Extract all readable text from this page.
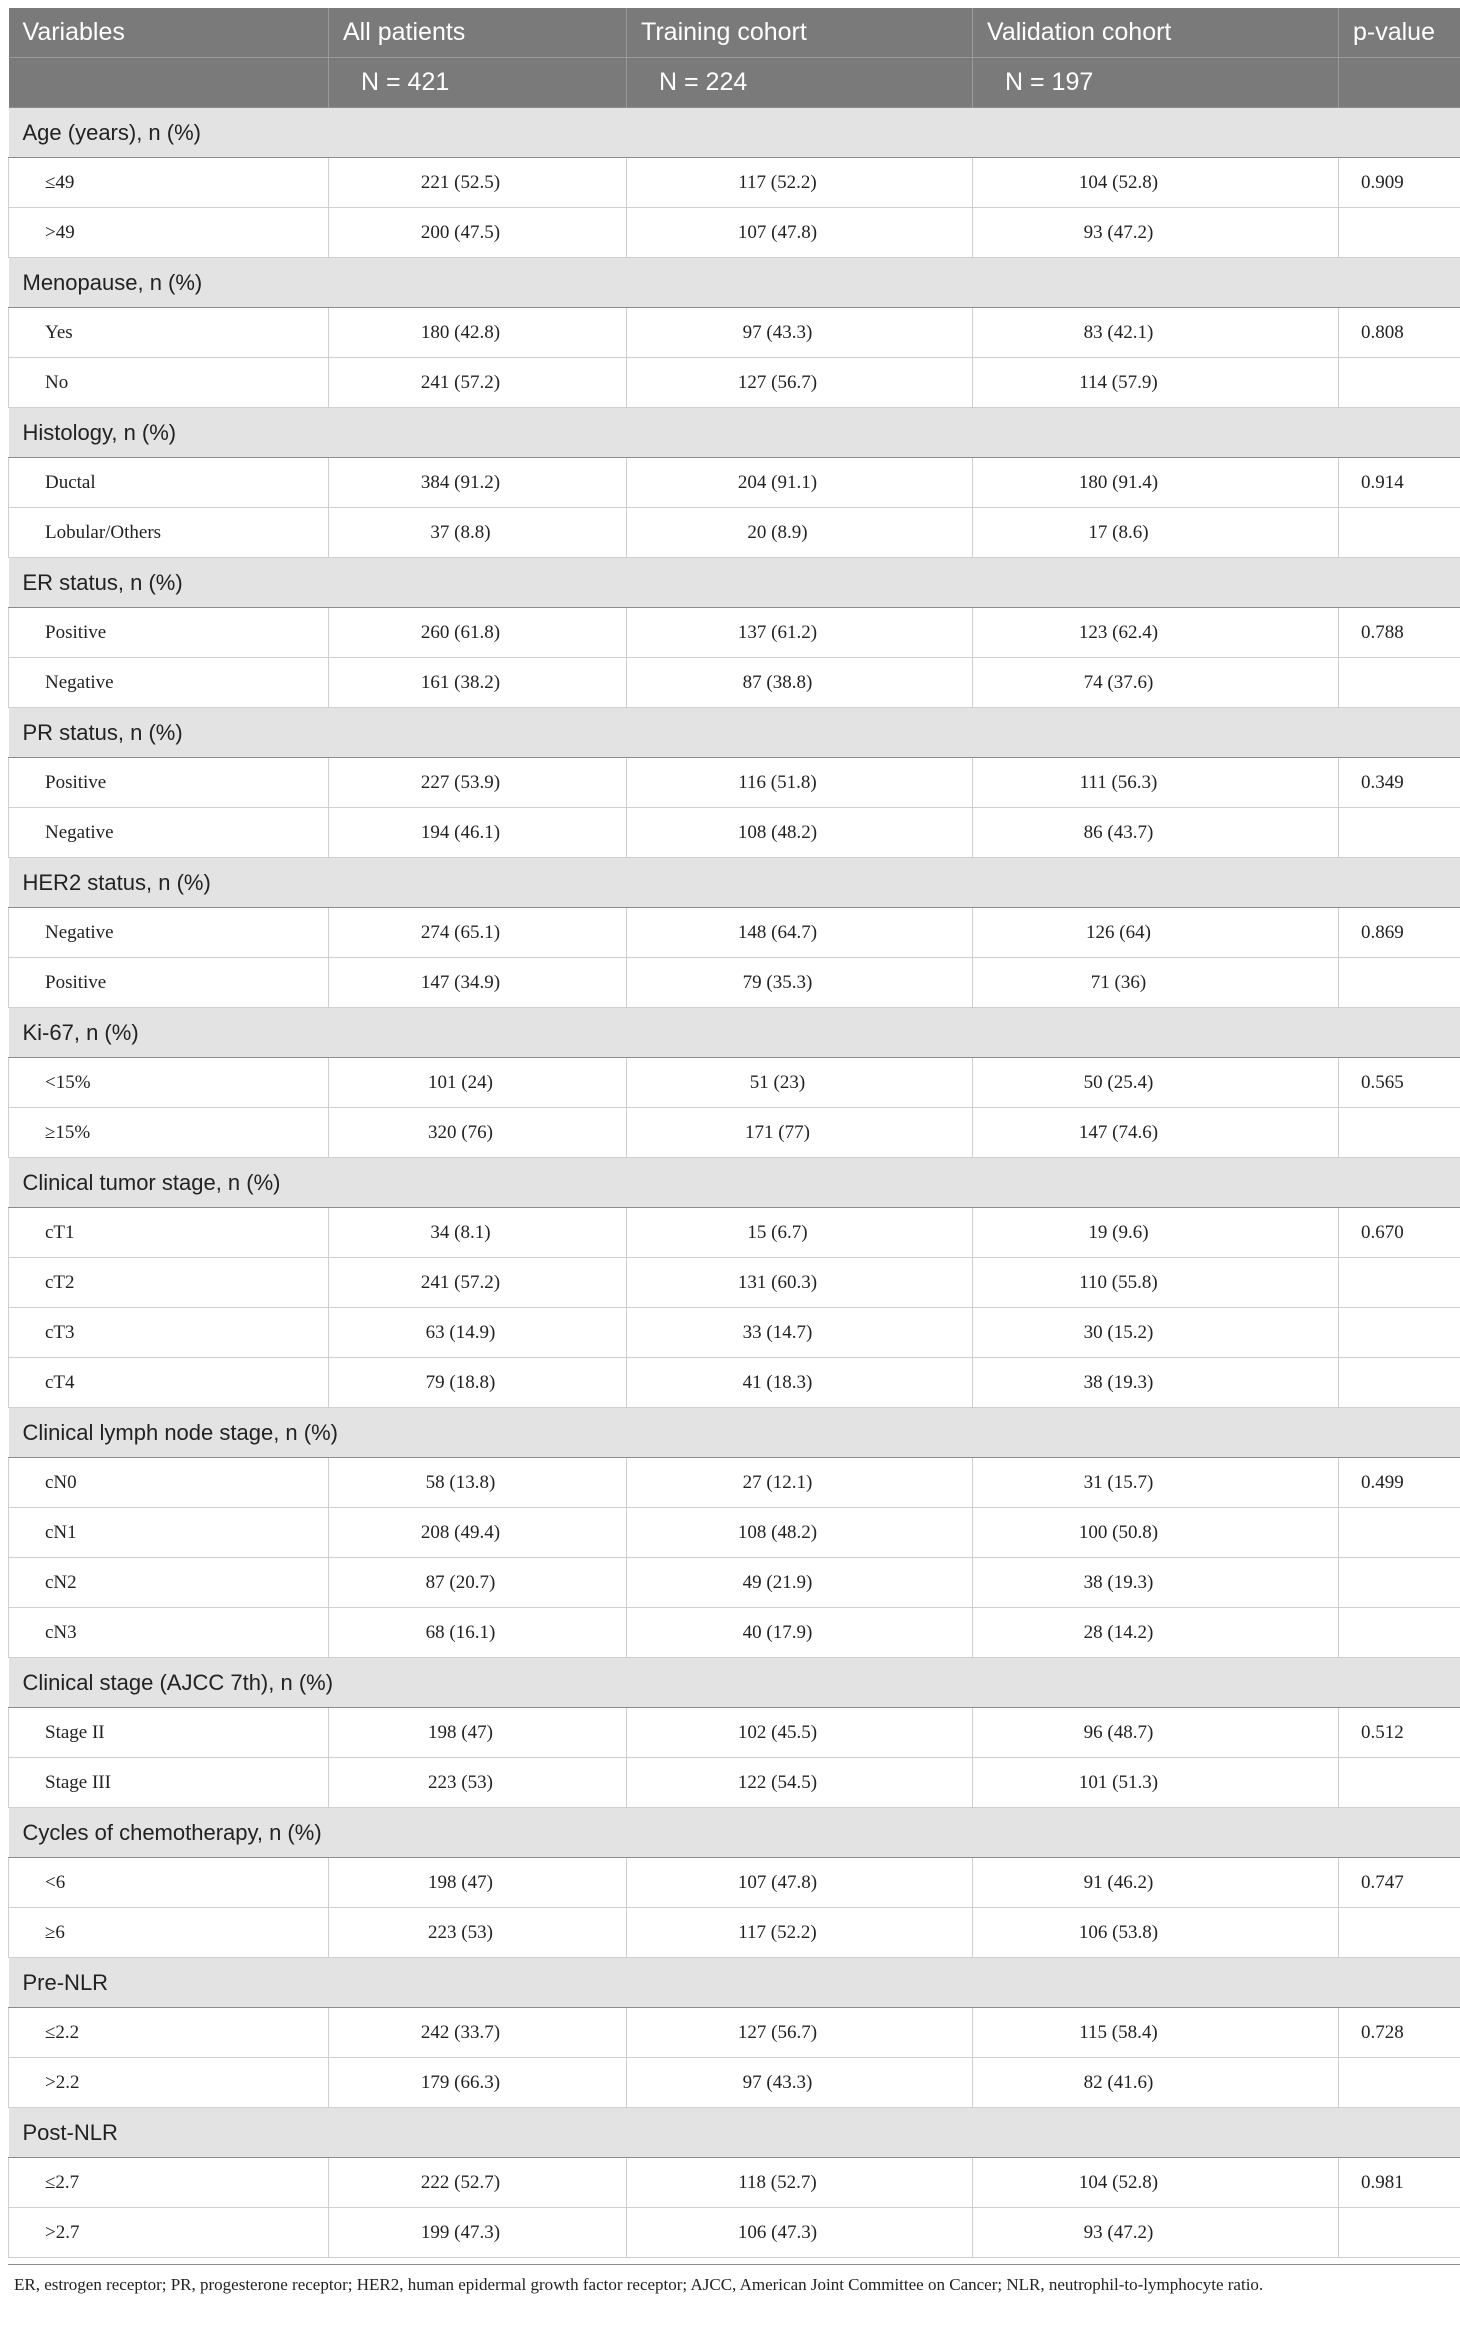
Variables	All patients	Training cohort	Validation cohort	p-value
	N = 421	N = 224	N = 197	
Age (years), n (%)				
≤49	221 (52.5)	117 (52.2)	104 (52.8)	0.909
>49	200 (47.5)	107 (47.8)	93 (47.2)	
Menopause, n (%)				
Yes	180 (42.8)	97 (43.3)	83 (42.1)	0.808
No	241 (57.2)	127 (56.7)	114 (57.9)	
Histology, n (%)				
Ductal	384 (91.2)	204 (91.1)	180 (91.4)	0.914
Lobular/Others	37 (8.8)	20 (8.9)	17 (8.6)	
ER status, n (%)				
Positive	260 (61.8)	137 (61.2)	123 (62.4)	0.788
Negative	161 (38.2)	87 (38.8)	74 (37.6)	
PR status, n (%)				
Positive	227 (53.9)	116 (51.8)	111 (56.3)	0.349
Negative	194 (46.1)	108 (48.2)	86 (43.7)	
HER2 status, n (%)				
Negative	274 (65.1)	148 (64.7)	126 (64)	0.869
Positive	147 (34.9)	79 (35.3)	71 (36)	
Ki-67, n (%)				
<15%	101 (24)	51 (23)	50 (25.4)	0.565
≥15%	320 (76)	171 (77)	147 (74.6)	
Clinical tumor stage, n (%)				
cT1	34 (8.1)	15 (6.7)	19 (9.6)	0.670
cT2	241 (57.2)	131 (60.3)	110 (55.8)	
cT3	63 (14.9)	33 (14.7)	30 (15.2)	
cT4	79 (18.8)	41 (18.3)	38 (19.3)	
Clinical lymph node stage, n (%)				
cN0	58 (13.8)	27 (12.1)	31 (15.7)	0.499
cN1	208 (49.4)	108 (48.2)	100 (50.8)	
cN2	87 (20.7)	49 (21.9)	38 (19.3)	
cN3	68 (16.1)	40 (17.9)	28 (14.2)	
Clinical stage (AJCC 7th), n (%)				
Stage II	198 (47)	102 (45.5)	96 (48.7)	0.512
Stage III	223 (53)	122 (54.5)	101 (51.3)	
Cycles of chemotherapy, n (%)				
<6	198 (47)	107 (47.8)	91 (46.2)	0.747
≥6	223 (53)	117 (52.2)	106 (53.8)	
Pre-NLR				
≤2.2	242 (33.7)	127 (56.7)	115 (58.4)	0.728
>2.2	179 (66.3)	97 (43.3)	82 (41.6)	
Post-NLR				
≤2.7	222 (52.7)	118 (52.7)	104 (52.8)	0.981
>2.7	199 (47.3)	106 (47.3)	93 (47.2)	
ER, estrogen receptor; PR, progesterone receptor; HER2, human epidermal growth factor receptor; AJCC, American Joint Committee on Cancer; NLR, neutrophil-to-lymphocyte ratio.
